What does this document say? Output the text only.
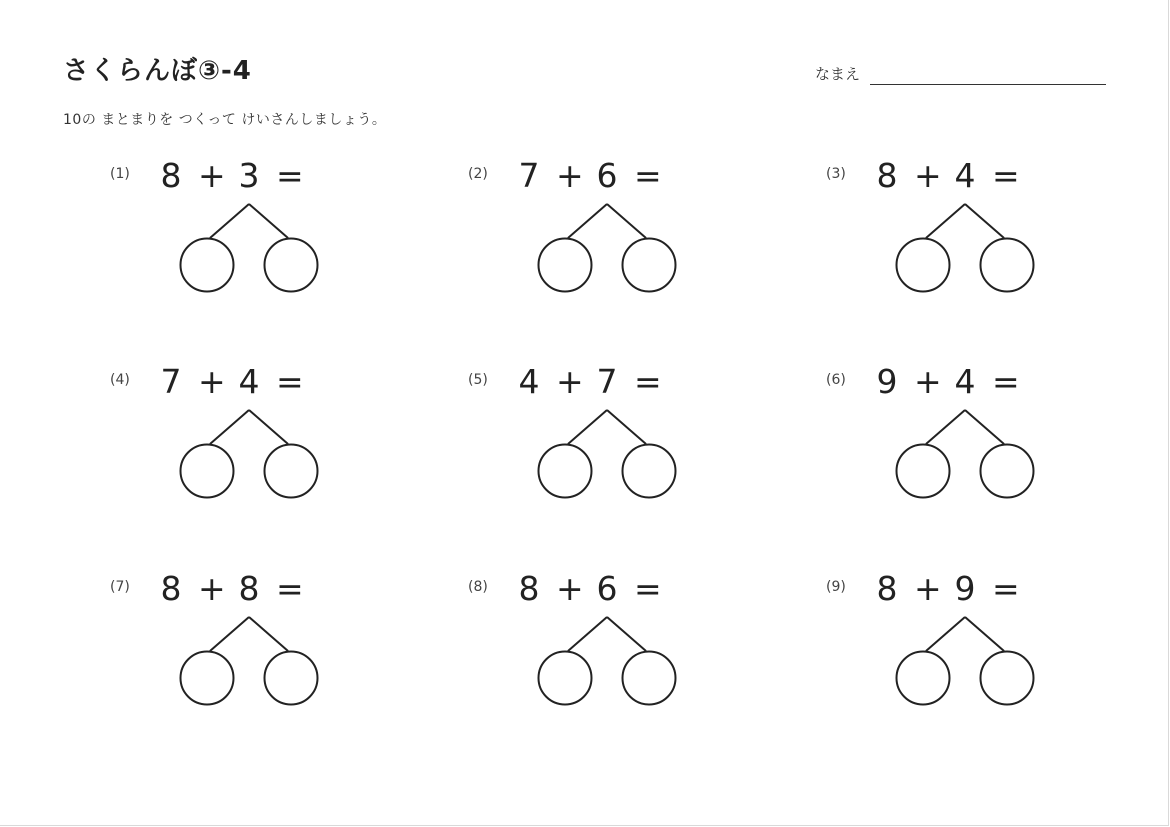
さくらんぼ③-4	なまえ
10の まとまりを つくって けいさんしましょう。
(1) 8 + 3 =	(2) 7 + 6 =	(3) 8 + 4 =
(4) 7 + 4 =	(5) 4 + 7 =	(6) 9 + 4 =
(7) 8 + 8 =	(8) 8 + 6 =	(9) 8 + 9 =
